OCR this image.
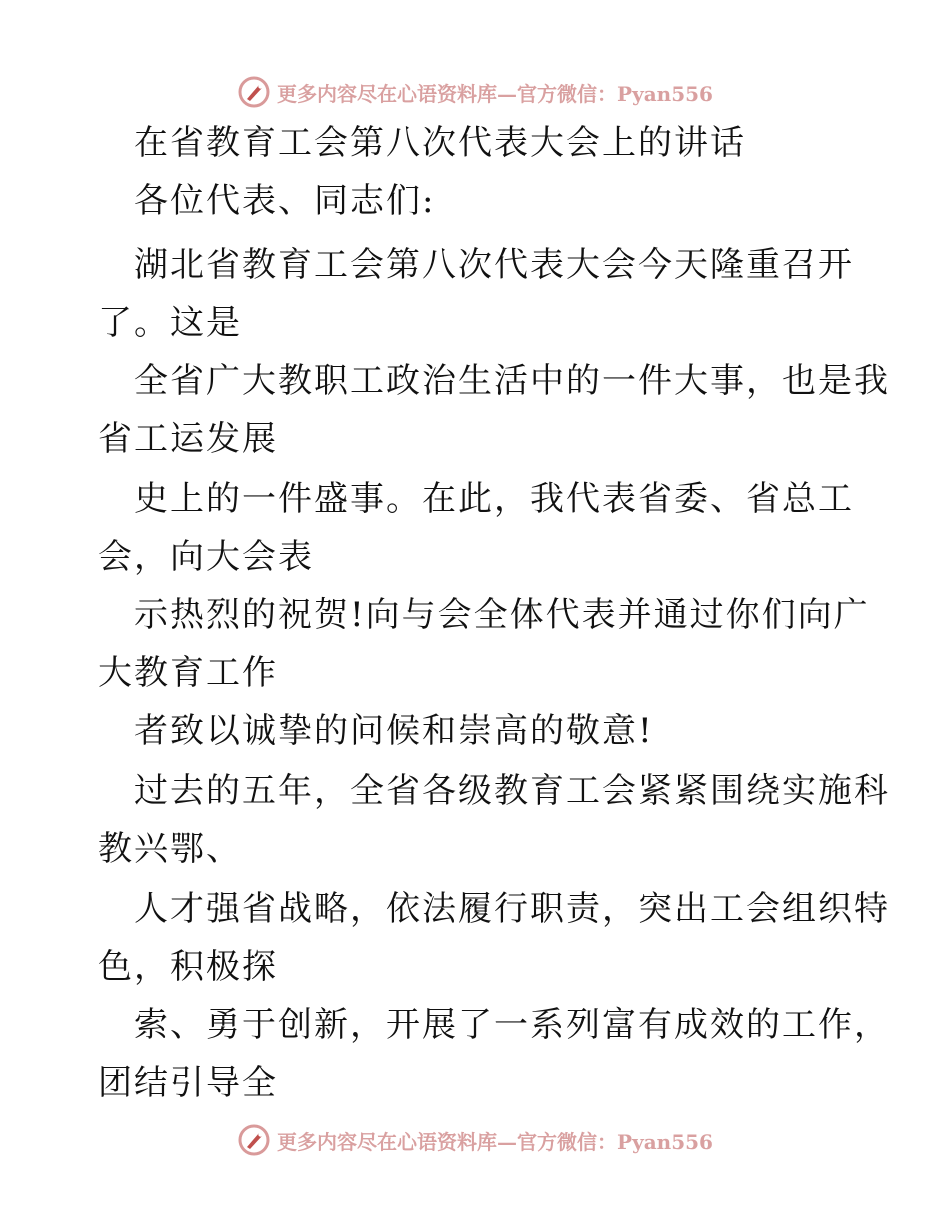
更多内容尽在心语资料库—官方微信：Pyan556
在省教育工会第八次代表大会上的讲话
各位代表、同志们:
湖北省教育工会第八次代表大会今天隆重召开
了。这是
全省广大教职工政治生活中的一件大事，也是我
省工运发展
史上的一件盛事。在此，我代表省委、省总工
会，向大会表
示热烈的祝贺!向与会全体代表并通过你们向广
大教育工作
者致以诚挚的问候和崇高的敬意!
过去的五年，全省各级教育工会紧紧围绕实施科
教兴鄂、
人才强省战略，依法履行职责，突出工会组织特
色，积极探
索、勇于创新，开展了一系列富有成效的工作，
团结引导全
更多内容尽在心语资料库—官方微信：Pyan556
